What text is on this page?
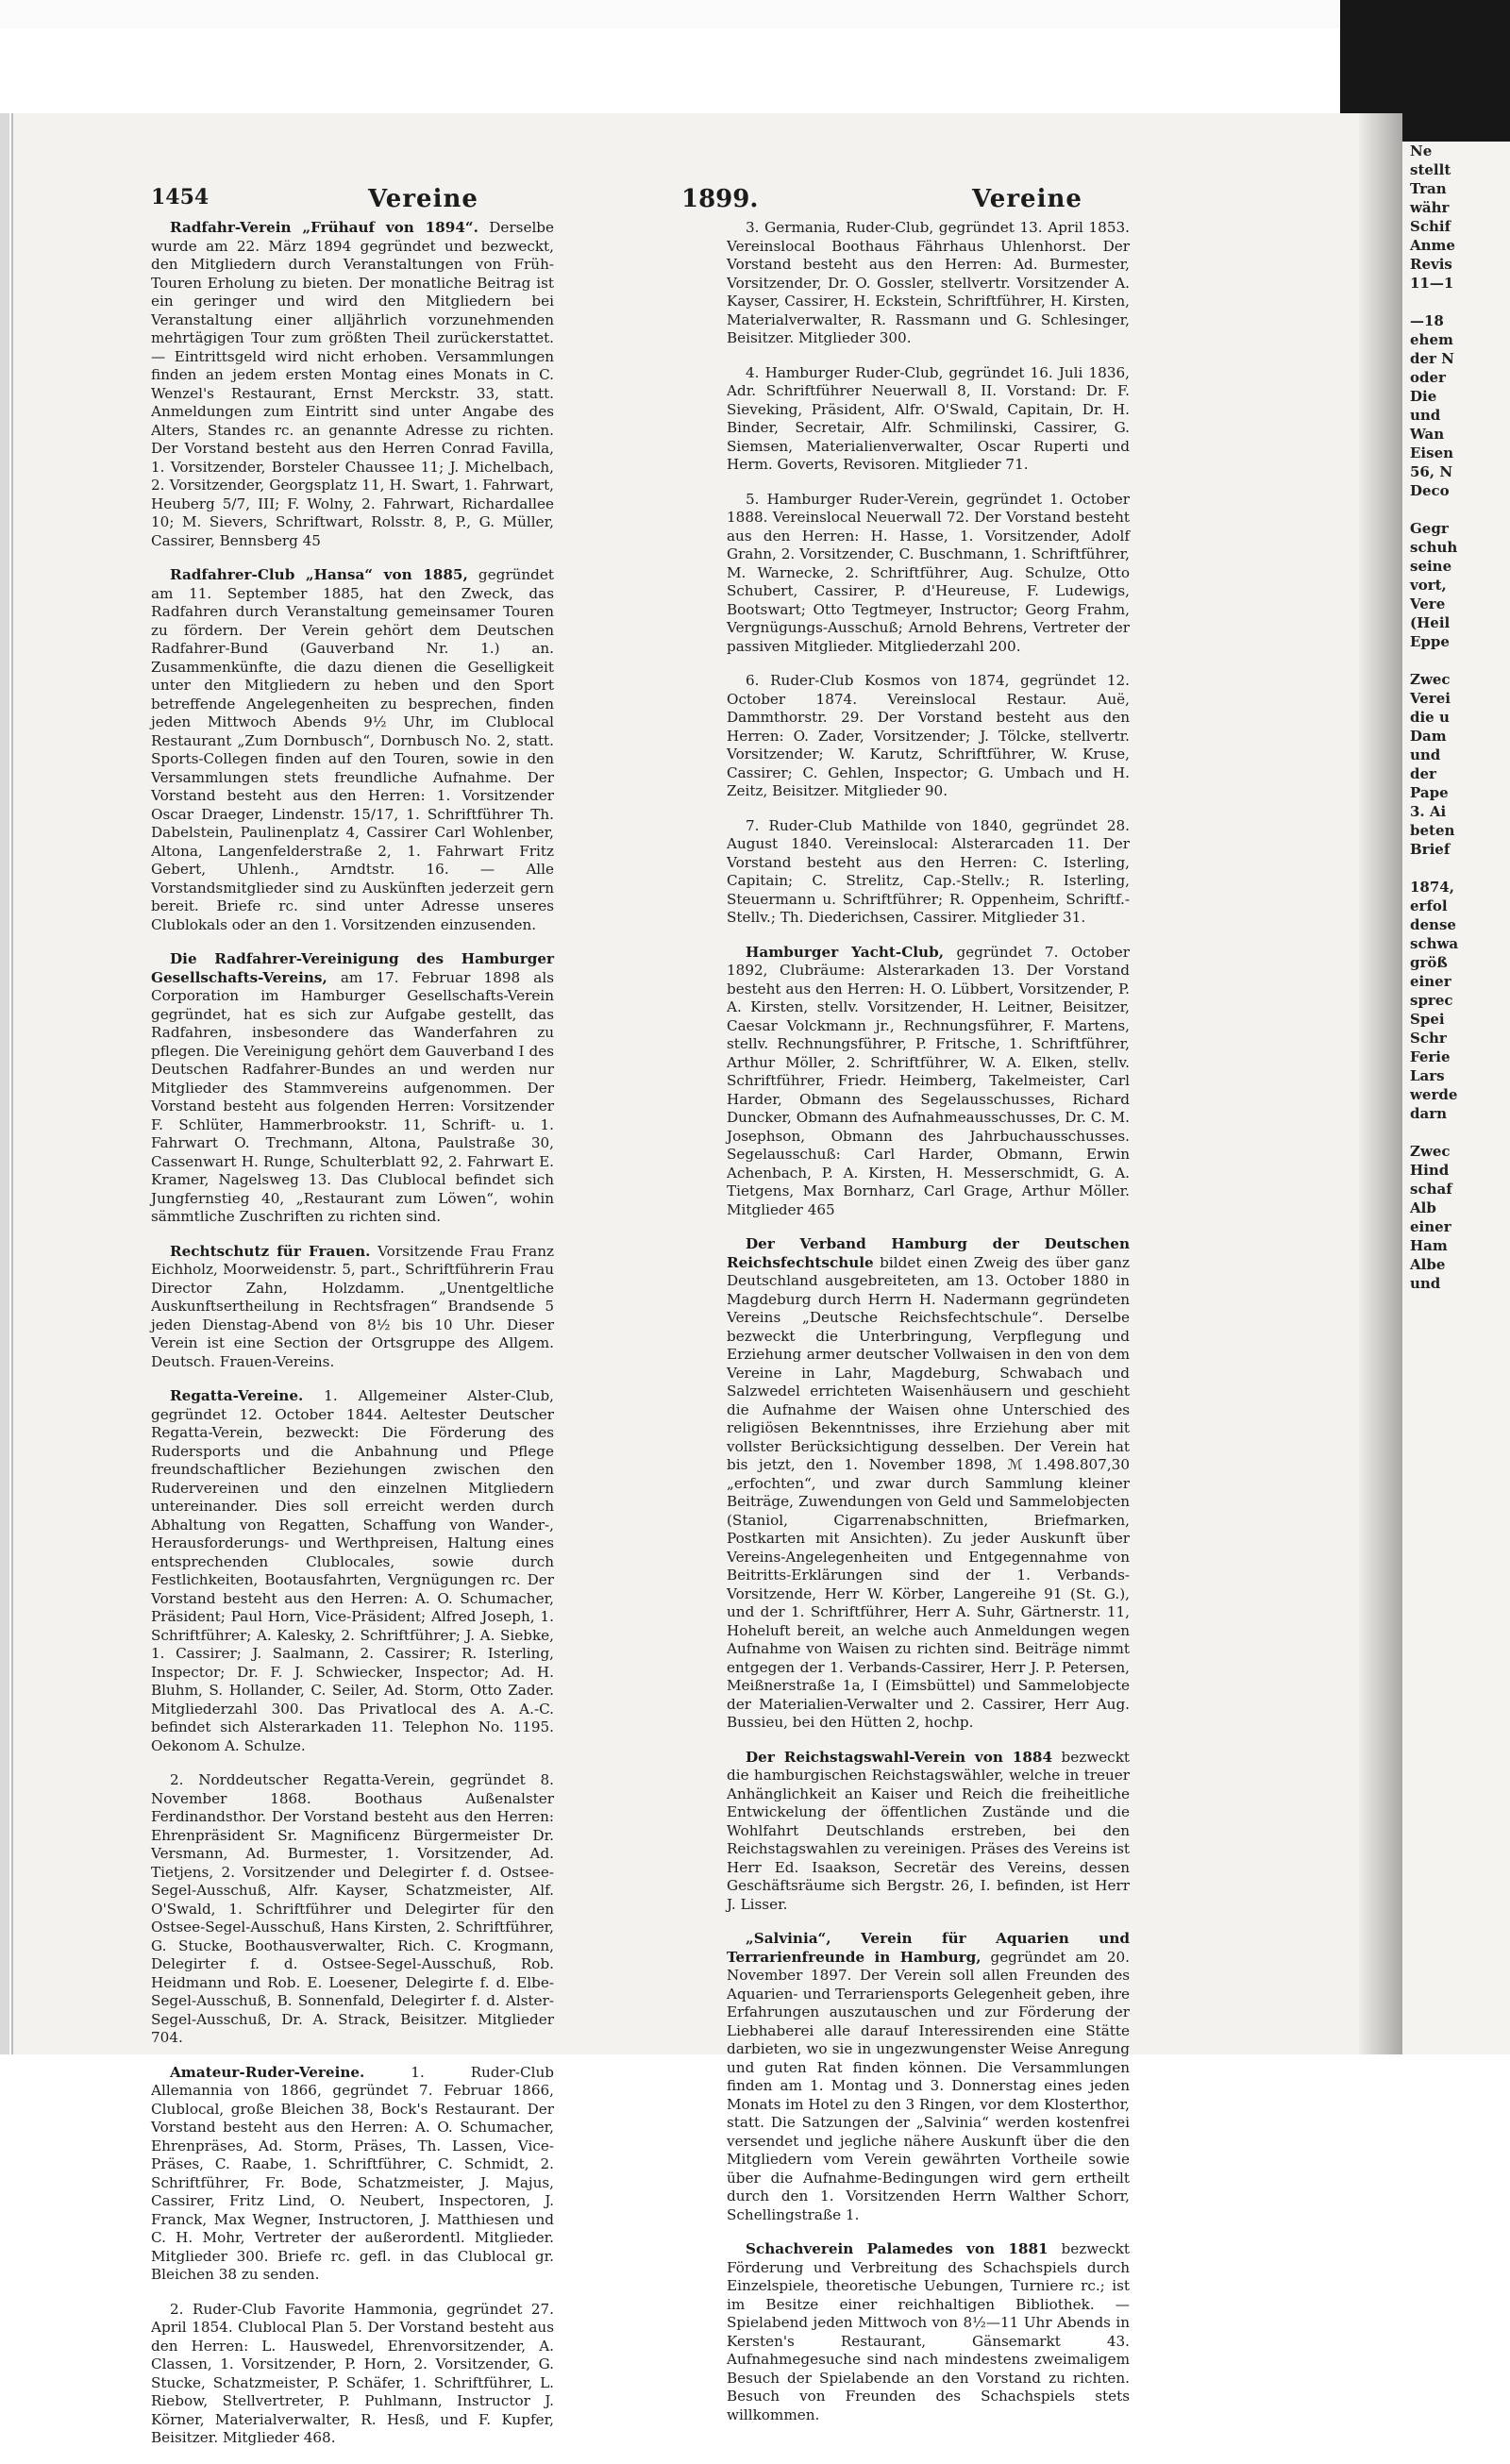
Ne
stellt
Tran
währ
Schif
Anme
Revis
11—1

—18
ehem
der N
oder
Die
und
Wan
Eisen
56, N
Deco

Gegr
schuh
seine
vort,
Vere
(Heil
Eppe

Zwec
Verei
die u
Dam
und
der
Pape
3. Ai
beten
Brief

1874,
erfol
dense
schwa
größ
einer
sprec
Spei
Schr
Ferie
Lars
werde
darn

Zwec
Hind
schaf
Alb
einer
Ham
Albe
und
1454	Vereine	1899.	Vereine

Radfahr-Verein „Frühauf von 1894“. Derselbe wurde am 22. März 1894 gegründet und bezweckt, den Mitgliedern durch Veranstaltungen von Früh-Touren Erholung zu bieten. Der monatliche Beitrag ist ein geringer und wird den Mitgliedern bei Veranstaltung einer alljährlich vorzunehmenden mehrtägigen Tour zum größten Theil zurückerstattet. — Eintrittsgeld wird nicht erhoben. Versammlungen finden an jedem ersten Montag eines Monats in C. Wenzel's Restaurant, Ernst Merckstr. 33, statt. Anmeldungen zum Eintritt sind unter Angabe des Alters, Standes rc. an genannte Adresse zu richten. Der Vorstand besteht aus den Herren Conrad Favilla, 1. Vorsitzender, Borsteler Chaussee 11; J. Michelbach, 2. Vorsitzender, Georgsplatz 11, H. Swart, 1. Fahrwart, Heuberg 5/7, III; F. Wolny, 2. Fahrwart, Richardallee 10; M. Sievers, Schriftwart, Rolsstr. 8, P., G. Müller, Cassirer, Bennsberg 45

Radfahrer-Club „Hansa“ von 1885, gegründet am 11. September 1885, hat den Zweck, das Radfahren durch Veranstaltung gemeinsamer Touren zu fördern. Der Verein gehört dem Deutschen Radfahrer-Bund (Gauverband Nr. 1.) an. Zusammenkünfte, die dazu dienen die Geselligkeit unter den Mitgliedern zu heben und den Sport betreffende Angelegenheiten zu besprechen, finden jeden Mittwoch Abends 9½ Uhr, im Clublocal Restaurant „Zum Dornbusch“, Dornbusch No. 2, statt. Sports-Collegen finden auf den Touren, sowie in den Versammlungen stets freundliche Aufnahme. Der Vorstand besteht aus den Herren: 1. Vorsitzender Oscar Draeger, Lindenstr. 15/17, 1. Schriftführer Th. Dabelstein, Paulinenplatz 4, Cassirer Carl Wohlenber, Altona, Langenfelderstraße 2, 1. Fahrwart Fritz Gebert, Uhlenh., Arndtstr. 16. — Alle Vorstandsmitglieder sind zu Auskünften jederzeit gern bereit. Briefe rc. sind unter Adresse unseres Clublokals oder an den 1. Vorsitzenden einzusenden.

Die Radfahrer-Vereinigung des Hamburger Gesellschafts-Vereins, am 17. Februar 1898 als Corporation im Hamburger Gesellschafts-Verein gegründet, hat es sich zur Aufgabe gestellt, das Radfahren, insbesondere das Wanderfahren zu pflegen. Die Vereinigung gehört dem Gauverband I des Deutschen Radfahrer-Bundes an und werden nur Mitglieder des Stammvereins aufgenommen. Der Vorstand besteht aus folgenden Herren: Vorsitzender F. Schlüter, Hammerbrookstr. 11, Schrift- u. 1. Fahrwart O. Trechmann, Altona, Paulstraße 30, Cassenwart H. Runge, Schulterblatt 92, 2. Fahrwart E. Kramer, Nagelsweg 13. Das Clublocal befindet sich Jungfernstieg 40, „Restaurant zum Löwen“, wohin sämmtliche Zuschriften zu richten sind.

Rechtschutz für Frauen. Vorsitzende Frau Franz Eichholz, Moorweidenstr. 5, part., Schriftführerin Frau Director Zahn, Holzdamm. „Unentgeltliche Auskunftsertheilung in Rechtsfragen“ Brandsende 5 jeden Dienstag-Abend von 8½ bis 10 Uhr. Dieser Verein ist eine Section der Ortsgruppe des Allgem. Deutsch. Frauen-Vereins.

Regatta-Vereine. 1. Allgemeiner Alster-Club, gegründet 12. October 1844. Aeltester Deutscher Regatta-Verein, bezweckt: Die Förderung des Rudersports und die Anbahnung und Pflege freundschaftlicher Beziehungen zwischen den Rudervereinen und den einzelnen Mitgliedern untereinander. Dies soll erreicht werden durch Abhaltung von Regatten, Schaffung von Wander-, Herausforderungs- und Werthpreisen, Haltung eines entsprechenden Clublocales, sowie durch Festlichkeiten, Bootausfahrten, Vergnügungen rc. Der Vorstand besteht aus den Herren: A. O. Schumacher, Präsident; Paul Horn, Vice-Präsident; Alfred Joseph, 1. Schriftführer; A. Kalesky, 2. Schriftführer; J. A. Siebke, 1. Cassirer; J. Saalmann, 2. Cassirer; R. Isterling, Inspector; Dr. F. J. Schwiecker, Inspector; Ad. H. Bluhm, S. Hollander, C. Seiler, Ad. Storm, Otto Zader. Mitgliederzahl 300. Das Privatlocal des A. A.-C. befindet sich Alsterarkaden 11. Telephon No. 1195. Oekonom A. Schulze.

2. Norddeutscher Regatta-Verein, gegründet 8. November 1868. Boothaus Außenalster Ferdinandsthor. Der Vorstand besteht aus den Herren: Ehrenpräsident Sr. Magnificenz Bürgermeister Dr. Versmann, Ad. Burmester, 1. Vorsitzender, Ad. Tietjens, 2. Vorsitzender und Delegirter f. d. Ostsee-Segel-Ausschuß, Alfr. Kayser, Schatzmeister, Alf. O'Swald, 1. Schriftführer und Delegirter für den Ostsee-Segel-Ausschuß, Hans Kirsten, 2. Schriftführer, G. Stucke, Boothausverwalter, Rich. C. Krogmann, Delegirter f. d. Ostsee-Segel-Ausschuß, Rob. Heidmann und Rob. E. Loesener, Delegirte f. d. Elbe-Segel-Ausschuß, B. Sonnenfald, Delegirter f. d. Alster-Segel-Ausschuß, Dr. A. Strack, Beisitzer. Mitglieder 704.

Amateur-Ruder-Vereine.	1. Ruder-Club Allemannia von 1866, gegründet 7. Februar 1866, Clublocal, große Bleichen 38, Bock's Restaurant. Der Vorstand besteht aus den Herren: A. O. Schumacher, Ehrenpräses, Ad. Storm, Präses, Th. Lassen, Vice-Präses, C. Raabe, 1. Schriftführer, C. Schmidt, 2. Schriftführer, Fr. Bode, Schatzmeister, J. Majus, Cassirer, Fritz Lind, O. Neubert, Inspectoren, J. Franck, Max Wegner, Instructoren, J. Matthiesen und C. H. Mohr, Vertreter der außerordentl. Mitglieder. Mitglieder 300. Briefe rc. gefl. in das Clublocal gr. Bleichen 38 zu senden.

2. Ruder-Club Favorite Hammonia, gegründet 27. April 1854. Clublocal Plan 5. Der Vorstand besteht aus den Herren: L. Hauswedel, Ehrenvorsitzender, A. Classen, 1. Vorsitzender, P. Horn, 2. Vorsitzender, G. Stucke, Schatzmeister, P. Schäfer, 1. Schriftführer, L. Riebow, Stellvertreter, P. Puhlmann, Instructor J. Körner, Materialverwalter, R. Hesß, und F. Kupfer, Beisitzer. Mitglieder 468.

3. Germania, Ruder-Club, gegründet 13. April 1853. Vereinslocal Boothaus Fährhaus Uhlenhorst. Der Vorstand besteht aus den Herren: Ad. Burmester, Vorsitzender, Dr. O. Gossler, stellvertr. Vorsitzender A. Kayser, Cassirer, H. Eckstein, Schriftführer, H. Kirsten, Materialverwalter, R. Rassmann und G. Schlesinger, Beisitzer. Mitglieder 300.

4. Hamburger Ruder-Club, gegründet 16. Juli 1836, Adr. Schriftführer Neuerwall 8, II. Vorstand: Dr. F. Sieveking, Präsident, Alfr. O'Swald, Capitain, Dr. H. Binder, Secretair, Alfr. Schmilinski, Cassirer, G. Siemsen, Materialienverwalter, Oscar Ruperti und Herm. Goverts, Revisoren. Mitglieder 71.

5. Hamburger Ruder-Verein, gegründet 1. October 1888. Vereinslocal Neuerwall 72. Der Vorstand besteht aus den Herren: H. Hasse, 1. Vorsitzender, Adolf Grahn, 2. Vorsitzender, C. Buschmann, 1. Schriftführer, M. Warnecke, 2. Schriftführer, Aug. Schulze, Otto Schubert, Cassirer, P. d'Heureuse, F. Ludewigs, Bootswart; Otto Tegtmeyer, Instructor; Georg Frahm, Vergnügungs-Ausschuß; Arnold Behrens, Vertreter der passiven Mitglieder. Mitgliederzahl 200.

6. Ruder-Club Kosmos von 1874, gegründet 12. October 1874. Vereinslocal Restaur. Auë, Dammthorstr. 29. Der Vorstand besteht aus den Herren: O. Zader, Vorsitzender; J. Tölcke, stellvertr. Vorsitzender; W. Karutz, Schriftführer, W. Kruse, Cassirer; C. Gehlen, Inspector; G. Umbach und H. Zeitz, Beisitzer. Mitglieder 90.

7. Ruder-Club Mathilde von 1840, gegründet 28. August 1840. Vereinslocal: Alsterarcaden 11. Der Vorstand besteht aus den Herren: C. Isterling, Capitain; C. Strelitz, Cap.-Stellv.; R. Isterling, Steuermann u. Schriftführer; R. Oppenheim, Schriftf.-Stellv.; Th. Diederichsen, Cassirer. Mitglieder 31.

Hamburger Yacht-Club, gegründet 7. October 1892, Clubräume: Alsterarkaden 13. Der Vorstand besteht aus den Herren: H. O. Lübbert, Vorsitzender, P. A. Kirsten, stellv. Vorsitzender, H. Leitner, Beisitzer, Caesar Volckmann jr., Rechnungsführer, F. Martens, stellv. Rechnungsführer, P. Fritsche, 1. Schriftführer, Arthur Möller, 2. Schriftführer, W. A. Elken, stellv. Schriftführer, Friedr. Heimberg, Takelmeister, Carl Harder, Obmann des Segelausschusses, Richard Duncker, Obmann des Aufnahmeausschusses, Dr. C. M. Josephson, Obmann des Jahrbuchausschusses. Segelausschuß: Carl Harder, Obmann, Erwin Achenbach, P. A. Kirsten, H. Messerschmidt, G. A. Tietgens, Max Bornharz, Carl Grage, Arthur Möller. Mitglieder 465

Der Verband Hamburg der Deutschen Reichsfechtschule bildet einen Zweig des über ganz Deutschland ausgebreiteten, am 13. October 1880 in Magdeburg durch Herrn H. Nadermann gegründeten Vereins „Deutsche Reichsfechtschule“. Derselbe bezweckt die Unterbringung, Verpflegung und Erziehung armer deutscher Vollwaisen in den von dem Vereine in Lahr, Magdeburg, Schwabach und Salzwedel errichteten Waisenhäusern und geschieht die Aufnahme der Waisen ohne Unterschied des religiösen Bekenntnisses, ihre Erziehung aber mit vollster Berücksichtigung desselben. Der Verein hat bis jetzt, den 1. November 1898, ℳ 1.498.807,30 „erfochten“, und zwar durch Sammlung kleiner Beiträge, Zuwendungen von Geld und Sammelobjecten (Staniol, Cigarrenabschnitten, Briefmarken, Postkarten mit Ansichten). Zu jeder Auskunft über Vereins-Angelegenheiten und Entgegennahme von Beitritts-Erklärungen sind der 1. Verbands-Vorsitzende, Herr W. Körber, Langereihe 91 (St. G.), und der 1. Schriftführer, Herr A. Suhr, Gärtnerstr. 11, Hoheluft bereit, an welche auch Anmeldungen wegen Aufnahme von Waisen zu richten sind. Beiträge nimmt entgegen der 1. Verbands-Cassirer, Herr J. P. Petersen, Meißnerstraße 1a, I (Eimsbüttel) und Sammelobjecte der Materialien-Verwalter und 2. Cassirer, Herr Aug. Bussieu, bei den Hütten 2, hochp.

Der Reichstagswahl-Verein von 1884 bezweckt die hamburgischen Reichstagswähler, welche in treuer Anhänglichkeit an Kaiser und Reich die freiheitliche Entwickelung der öffentlichen Zustände und die Wohlfahrt Deutschlands erstreben, bei den Reichstagswahlen zu vereinigen. Präses des Vereins ist Herr Ed. Isaakson, Secretär des Vereins, dessen Geschäftsräume sich Bergstr. 26, I. befinden, ist Herr J. Lisser.

„Salvinia“, Verein für Aquarien und Terrarienfreunde in Hamburg, gegründet am 20. November 1897. Der Verein soll allen Freunden des Aquarien- und Terrariensports Gelegenheit geben, ihre Erfahrungen auszutauschen und zur Förderung der Liebhaberei alle darauf Interessirenden eine Stätte darbieten, wo sie in ungezwungenster Weise Anregung und guten Rat finden können. Die Versammlungen finden am 1. Montag und 3. Donnerstag eines jeden Monats im Hotel zu den 3 Ringen, vor dem Klosterthor, statt. Die Satzungen der „Salvinia“ werden kostenfrei versendet und jegliche nähere Auskunft über die den Mitgliedern vom Verein gewährten Vortheile sowie über die Aufnahme-Bedingungen wird gern ertheilt durch den 1. Vorsitzenden Herrn Walther Schorr, Schellingstraße 1.

Schachverein Palamedes von 1881 bezweckt Förderung und Verbreitung des Schachspiels durch Einzelspiele, theoretische Uebungen, Turniere rc.; ist im Besitze einer reichhaltigen Bibliothek. — Spielabend jeden Mittwoch von 8½—11 Uhr Abends in Kersten's Restaurant, Gänsemarkt 43. Aufnahmegesuche sind nach mindestens zweimaligem Besuch der Spielabende an den Vorstand zu richten. Besuch von Freunden des Schachspiels stets willkommen.
